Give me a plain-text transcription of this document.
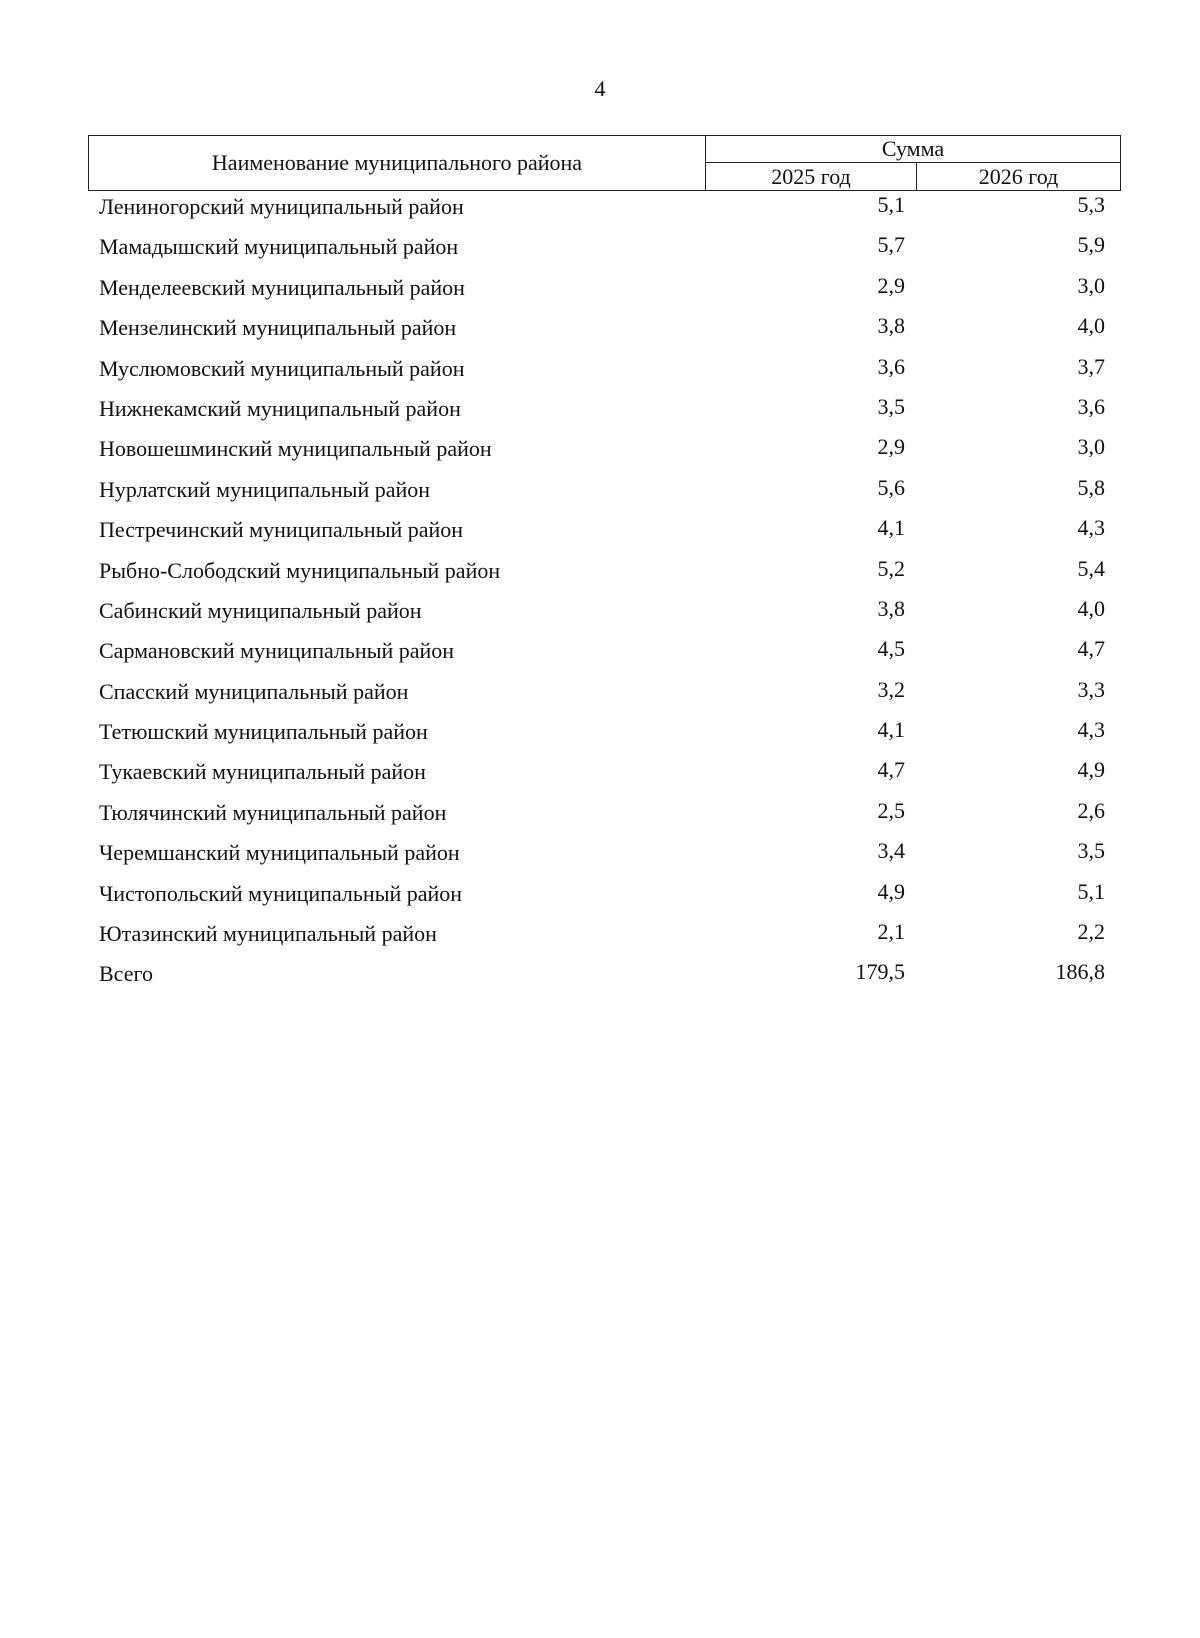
4
Наименование муниципального района
Сумма
2025 год	2026 год
Лениногорский муниципальный район	5,1	5,3
Мамадышский муниципальный район	5,7	5,9
Менделеевский муниципальный район	2,9	3,0
Мензелинский муниципальный район	3,8	4,0
Муслюмовский муниципальный район	3,6	3,7
Нижнекамский муниципальный район	3,5	3,6
Новошешминский муниципальный район	2,9	3,0
Нурлатский муниципальный район	5,6	5,8
Пестречинский муниципальный район	4,1	4,3
Рыбно-Слободский муниципальный район	5,2	5,4
Сабинский муниципальный район	3,8	4,0
Сармановский муниципальный район	4,5	4,7
Спасский муниципальный район	3,2	3,3
Тетюшский муниципальный район	4,1	4,3
Тукаевский муниципальный район	4,7	4,9
Тюлячинский муниципальный район	2,5	2,6
Черемшанский муниципальный район	3,4	3,5
Чистопольский муниципальный район	4,9	5,1
Ютазинский муниципальный район	2,1	2,2
Всего	179,5	186,8
